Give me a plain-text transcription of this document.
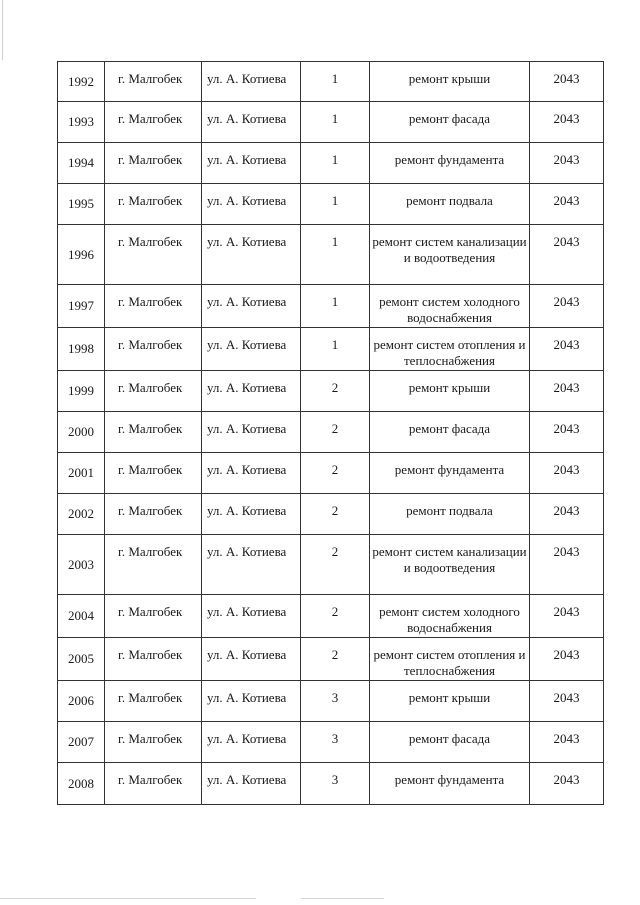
1992	г. Малгобек	ул. А. Котиева	1	ремонт крыши	2043

1993	г. Малгобек	ул. А. Котиева	1	ремонт фасада	2043

1994	г. Малгобек	ул. А. Котиева	1	ремонт фундамента	2043

1995	г. Малгобек	ул. А. Котиева	1	ремонт подвала	2043

1996	г. Малгобек	ул. А. Котиева	1	ремонт систем канализации и водоотведения	2043

1997	г. Малгобек	ул. А. Котиева	1	ремонт систем холодного водоснабжения	2043

1998	г. Малгобек	ул. А. Котиева	1	ремонт систем отопления и теплоснабжения	2043

1999	г. Малгобек	ул. А. Котиева	2	ремонт крыши	2043

2000	г. Малгобек	ул. А. Котиева	2	ремонт фасада	2043

2001	г. Малгобек	ул. А. Котиева	2	ремонт фундамента	2043

2002	г. Малгобек	ул. А. Котиева	2	ремонт подвала	2043

2003	г. Малгобек	ул. А. Котиева	2	ремонт систем канализации и водоотведения	2043

2004	г. Малгобек	ул. А. Котиева	2	ремонт систем холодного водоснабжения	2043

2005	г. Малгобек	ул. А. Котиева	2	ремонт систем отопления и теплоснабжения	2043

2006	г. Малгобек	ул. А. Котиева	3	ремонт крыши	2043

2007	г. Малгобек	ул. А. Котиева	3	ремонт фасада	2043

2008	г. Малгобек	ул. А. Котиева	3	ремонт фундамента	2043
